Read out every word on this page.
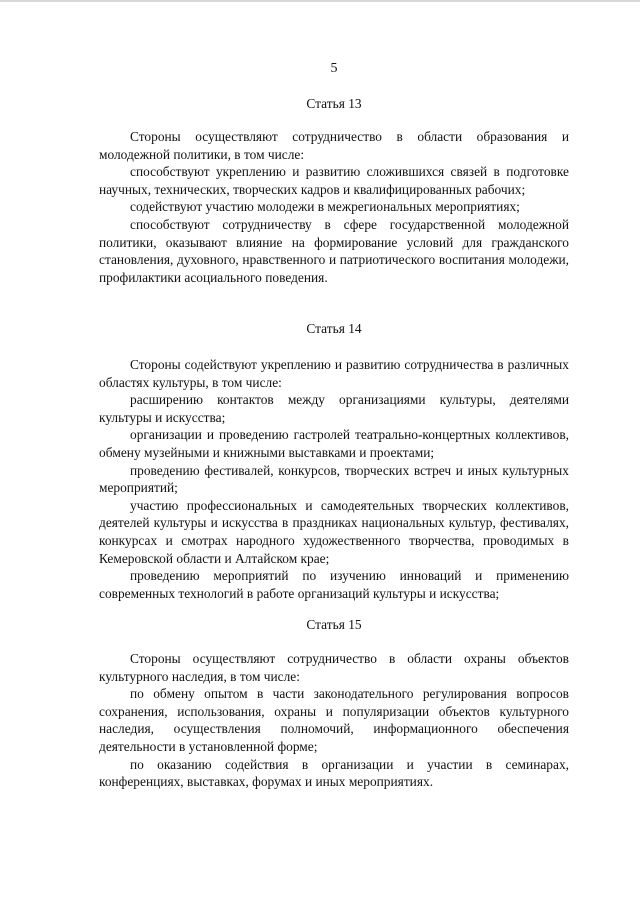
5
Статья 13

Стороны осуществляют сотрудничество в области образования и молодежной политики, в том числе:

способствуют укреплению и развитию сложившихся связей в подготовке научных, технических, творческих кадров и квалифицированных рабочих;

содействуют участию молодежи в межрегиональных мероприятиях;

способствуют сотрудничеству в сфере государственной молодежной политики, оказывают влияние на формирование условий для гражданского становления, духовного, нравственного и патриотического воспитания молодежи, профилактики асоциального поведения.

Статья 14

Стороны содействуют укреплению и развитию сотрудничества в различных областях культуры, в том числе:

расширению контактов между организациями культуры, деятелями культуры и искусства;

организации и проведению гастролей театрально-концертных коллективов, обмену музейными и книжными выставками и проектами;

проведению фестивалей, конкурсов, творческих встреч и иных культурных мероприятий;

участию профессиональных и самодеятельных творческих коллективов, деятелей культуры и искусства в праздниках национальных культур, фестивалях, конкурсах и смотрах народного художественного творчества, проводимых в Кемеровской области и Алтайском крае;

проведению мероприятий по изучению инноваций и применению современных технологий в работе организаций культуры и искусства;

Статья 15

Стороны осуществляют сотрудничество в области охраны объектов культурного наследия, в том числе:

по обмену опытом в части законодательного регулирования вопросов сохранения, использования, охраны и популяризации объектов культурного наследия, осуществления полномочий, информационного обеспечения деятельности в установленной форме;

по оказанию содействия в организации и участии в семинарах, конференциях, выставках, форумах и иных мероприятиях.
